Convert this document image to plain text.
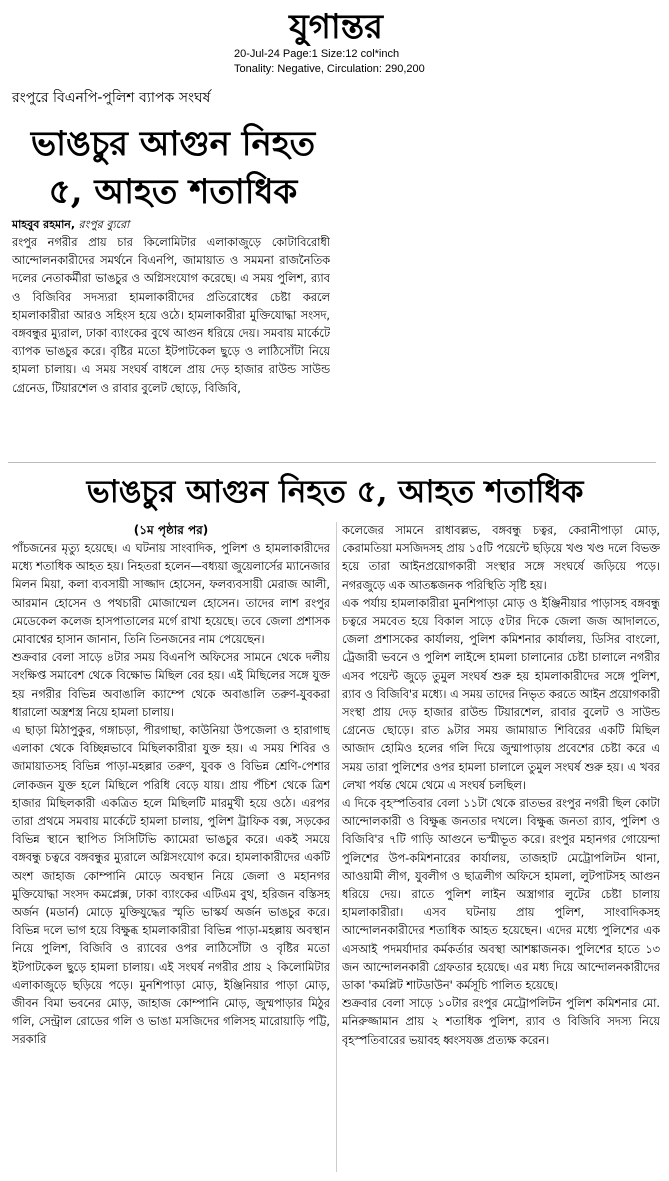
যুগান্তর
20-Jul-24 Page:1 Size:12 col*inch
Tonality: Negative, Circulation: 290,200
রংপুরে বিএনপি-পুলিশ ব্যাপক সংঘর্ষ
ভাঙচুর আগুন নিহত
৫, আহত শতাধিক
মাহবুব রহমান, রংপুর ব্যুরো

রংপুর নগরীর প্রায় চার কিলোমিটার এলাকাজুড়ে কোটাবিরোধী আন্দোলনকারীদের সমর্থনে বিএনপি, জামায়াত ও সমমনা রাজনৈতিক দলের নেতাকর্মীরা ভাঙচুর ও অগ্নিসংযোগ করেছে। এ সময় পুলিশ, র‍্যাব ও বিজিবির সদস্যরা হামলাকারীদের প্রতিরোধের চেষ্টা করলে হামলাকারীরা আরও সহিংস হয়ে ওঠে। হামলাকারীরা মুক্তিযোদ্ধা সংসদ, বঙ্গবন্ধুর ম্যুরাল, ঢাকা ব্যাংকের বুথে আগুন ধরিয়ে দেয়। সমবায় মার্কেটে ব্যাপক ভাঙচুর করে। বৃষ্টির মতো ইটপাটকেল ছুড়ে ও লাঠিসোঁটা নিয়ে হামলা চালায়। এ সময় সংঘর্ষ বাধলে প্রায় দেড় হাজার রাউন্ড সাউন্ড গ্রেনেড, টিয়ারশেল ও রাবার বুলেট ছোড়ে, বিজিবি,

ভাঙচুর আগুন নিহত ৫, আহত শতাধিক
(১ম পৃষ্ঠার পর)

পাঁচজনের মৃত্যু হয়েছে। এ ঘটনায় সাংবাদিক, পুলিশ ও হামলাকারীদের মধ্যে শতাধিক আহত হয়। নিহতরা হলেন—বধ্যয়া জুয়েলার্সের ম্যানেজার মিলন মিয়া, কলা ব্যবসায়ী সাজ্জাদ হোসেন, ফলব্যবসায়ী মেরাজ আলী, আরমান হোসেন ও পথচারী মোজাম্মেল হোসেন। তাদের লাশ রংপুর মেডেকেল কলেজ হাসপাতালের মর্গে রাখা হয়েছে। তবে জেলা প্রশাসক মোবাশ্বের হাসান জানান, তিনি তিনজনের নাম পেয়েছেন।

শুক্রবার বেলা সাড়ে ৪টার সময় বিএনপি অফিসের সামনে থেকে দলীয় সংক্ষিপ্ত সমাবেশ থেকে বিক্ষোভ মিছিল বের হয়। এই মিছিলের সঙ্গে যুক্ত হয় নগরীর বিভিন্ন অবাঙালি ক্যাম্পে থেকে অবাঙালি তরুণ-যুবকরা ধারালো অস্ত্রশস্ত্র নিয়ে হামলা চালায়।

এ ছাড়া মিঠাপুকুর, গঙ্গাচড়া, পীরগাছা, কাউনিয়া উপজেলা ও হারাগাছ এলাকা থেকে বিচ্ছিন্নভাবে মিছিলকারীরা যুক্ত হয়। এ সময় শিবির ও জামায়াতসহ বিভিন্ন পাড়া-মহল্লার তরুণ, যুবক ও বিভিন্ন শ্রেণি-পেশার লোকজন যুক্ত হলে মিছিলে পরিধি বেড়ে যায়। প্রায় পঁচিশ থেকে ত্রিশ হাজার মিছিলকারী একত্রিত হলে মিছিলটি মারমুখী হয়ে ওঠে। এরপর তারা প্রথমে সমবায় মার্কেটে হামলা চালায়, পুলিশ ট্রাফিক বক্স, সড়কের বিভিন্ন স্থানে স্থাপিত সিসিটিভি ক্যামেরা ভাঙচুর করে। একই সময়ে বঙ্গবন্ধু চত্বরে বঙ্গবন্ধুর ম্যুরালে অগ্নিসংযোগ করে। হামলাকারীদের একটি অংশ জাহাজ কোম্পানি মোড়ে অবস্থান নিয়ে জেলা ও মহানগর মুক্তিযোদ্ধা সংসদ কমপ্লেক্স, ঢাকা ব্যাংকের এটিএম বুথ, হরিজন বস্তিসহ অর্জন (মডার্ন) মোড়ে মুক্তিযুদ্ধের স্মৃতি ভাস্কর্য অর্জন ভাঙচুর করে। বিভিন্ন দলে ভাগ হয়ে বিক্ষুব্ধ হামলাকারীরা বিভিন্ন পাড়া-মহল্লায় অবস্থান নিয়ে পুলিশ, বিজিবি ও র‍্যাবের ওপর লাঠিসোঁটা ও বৃষ্টির মতো ইটপাটকেল ছুড়ে হামলা চালায়। এই সংঘর্ষ নগরীর প্রায় ২ কিলোমিটার এলাকাজুড়ে ছড়িয়ে পড়ে। মুনশিপাড়া মোড়, ইঞ্জিনিয়ার পাড়া মোড়, জীবন বিমা ভবনের মোড়, জাহাজ কোম্পানি মোড়, জুম্মপাড়ার মিঠুর গলি, সেন্ট্রাল রোডের গলি ও ভাঙা মসজিদের গলিসহ মারোয়াড়ি পট্টি, সরকারি

কলেজের সামনে রাধাবল্লভ, বঙ্গবন্ধু চত্বর, কেরানীপাড়া মোড়, কেরামতিয়া মসজিদসহ প্রায় ১৫টি পয়েন্টে ছড়িয়ে খণ্ড খণ্ড দলে বিভক্ত হয়ে তারা আইনপ্রয়োগকারী সংস্থার সঙ্গে সংঘর্ষে জড়িয়ে পড়ে। নগরজুড়ে এক আতঙ্কজনক পরিস্থিতি সৃষ্টি হয়।

এক পর্যায় হামলাকারীরা মুনশিপাড়া মোড় ও ইঞ্জিনীয়ার পাড়াসহ বঙ্গবন্ধু চত্বরে সমবেত হয়ে বিকাল সাড়ে ৫টার দিকে জেলা জজ আদালতে, জেলা প্রশাসকের কার্যালয়, পুলিশ কমিশনার কার্যালয়, ডিসির বাংলো, ট্রেজারী ভবনে ও পুলিশ লাইন্সে হামলা চালানোর চেষ্টা চালালে নগরীর এসব পয়েন্ট জুড়ে তুমুল সংঘর্ষ শুরু হয় হামলাকারীদের সঙ্গে পুলিশ, র‍্যাব ও বিজিবি'র মধ্যে। এ সময় তাদের নিভৃত করতে আইন প্রয়োগকারী সংস্থা প্রায় দেড় হাজার রাউন্ড টিয়ারশেল, রাবার বুলেট ও সাউন্ড গ্রেনেড ছোড়ে। রাত ৯টার সময় জামায়াত শিবিরের একটি মিছিল আজাদ হোমিও হলের গলি দিয়ে জুম্মাপাড়ায় প্রবেশের চেষ্টা করে এ সময় তারা পুলিশের ওপর হামলা চালালে তুমুল সংঘর্ষ শুরু হয়। এ খবর লেখা পর্যন্ত থেমে থেমে এ সংঘর্ষ চলছিল।

এ দিকে বৃহস্পতিবার বেলা ১১টা থেকে রাতভর রংপুর নগরী ছিল কোটা আন্দোলকারী ও বিক্ষুব্ধ জনতার দখলে। বিক্ষুব্ধ জনতা র‍্যাব, পুলিশ ও বিজিবি'র ৭টি গাড়ি আগুনে ভস্মীভূত করে। রংপুর মহানগর গোয়েন্দা পুলিশের উপ-কমিশনারের কার্যালয়, তাজহাট মেট্রোপলিটন থানা, আওয়ামী লীগ, যুবলীগ ও ছাত্রলীগ অফিসে হামলা, লুটপাটসহ আগুন ধরিয়ে দেয়। রাতে পুলিশ লাইন অস্ত্রাগার লুটের চেষ্টা চালায় হামলাকারীরা। এসব ঘটনায় প্রায় পুলিশ, সাংবাদিকসহ আন্দোলনকারীদের শতাধিক আহত হয়েছেন। এদের মধ্যে পুলিশের এক এসআই পদমর্যাদার কর্মকর্তার অবস্থা আশঙ্কাজনক। পুলিশের হাতে ১৩ জন আন্দোলনকারী গ্রেফতার হয়েছে। এর মধ্য দিয়ে আন্দোলনকারীদের ডাকা 'কমপ্লিট শাটডাউন' কর্মসূচি পালিত হয়েছে।

শুক্রবার বেলা সাড়ে ১০টার রংপুর মেট্রোপলিটন পুলিশ কমিশনার মো. মনিরুজ্জামান প্রায় ২ শতাধিক পুলিশ, র‍্যাব ও বিজিবি সদস্য নিয়ে বৃহস্পতিবারের ভয়াবহ ধ্বংসযজ্ঞ প্রত্যক্ষ করেন।
